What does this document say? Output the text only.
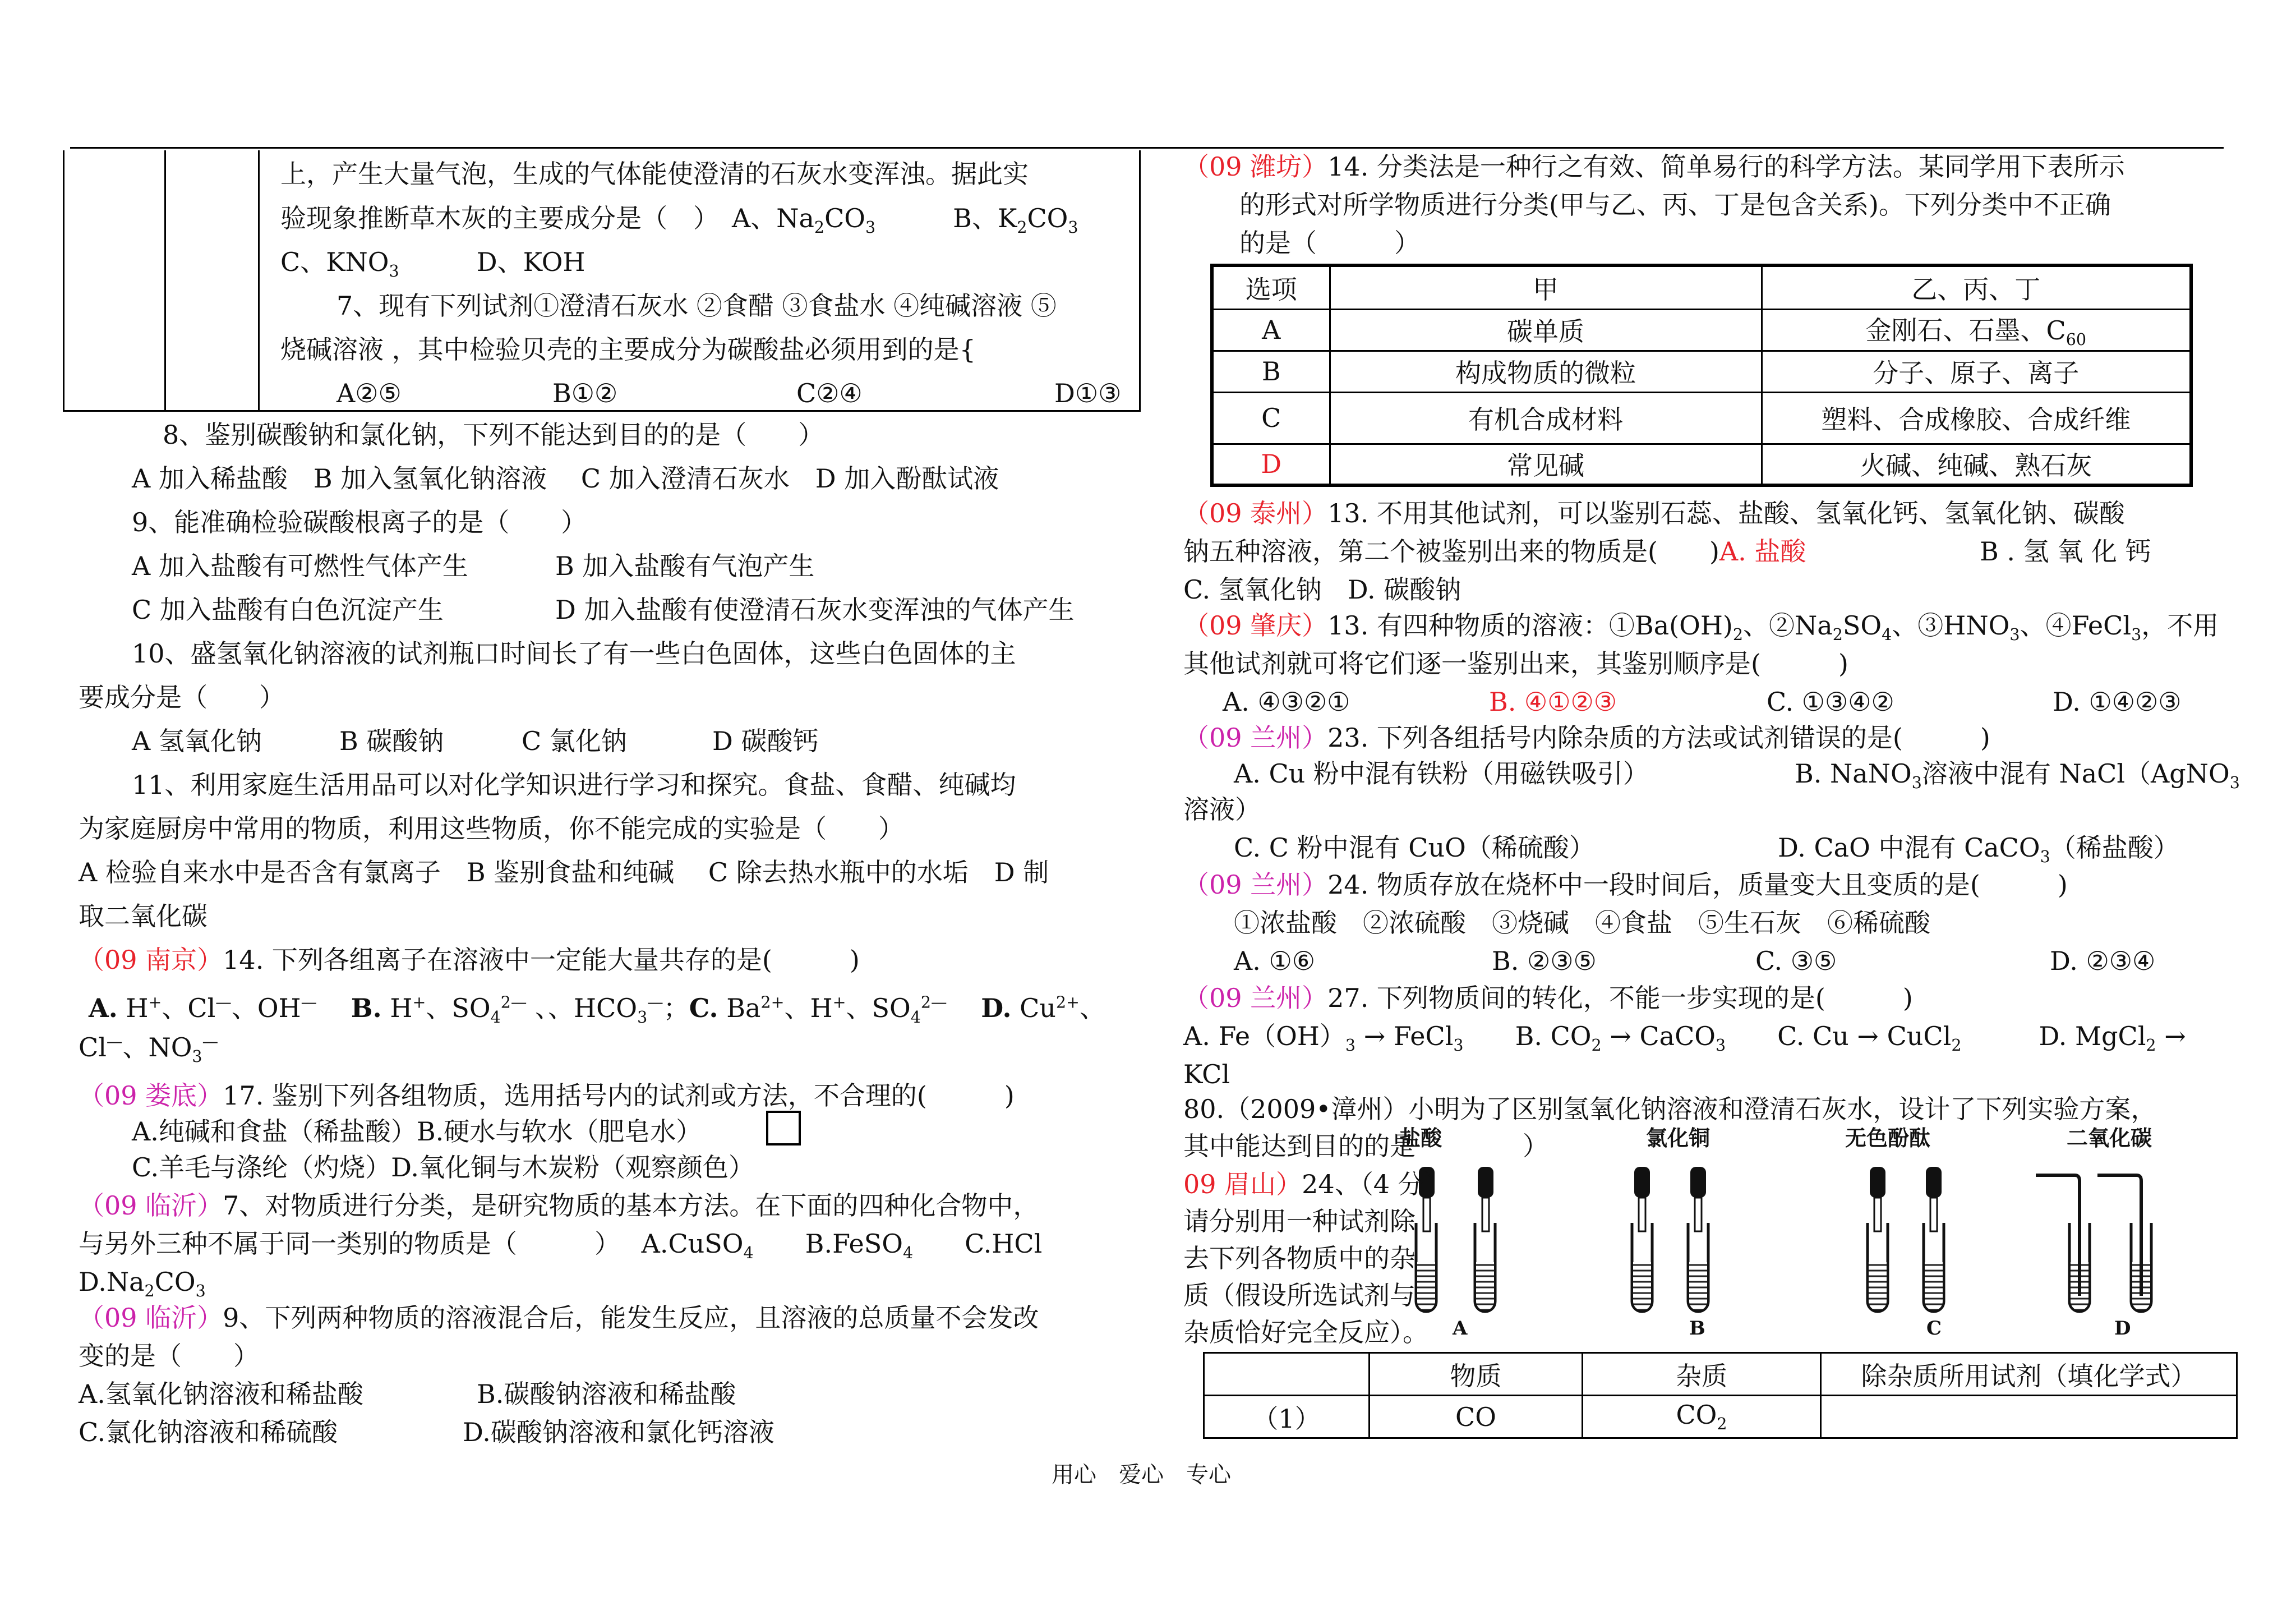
上，产生大量气泡，生成的气体能使澄清的石灰水变浑浊。据此实
验现象推断草木灰的主要成分是（　）　A、$Na_2CO_3$　　　B、$K_2CO_3$
C、$KNO_3$　　　D、KOH
7、现有下列试剂①澄清石灰水 ②食醋 ③食盐水 ④纯碱溶液 ⑤
烧碱溶液 ，其中检验贝壳的主要成分为碳酸盐必须用到的是{
A②⑤	B①②	C②④	D①③
8、鉴别碳酸钠和氯化钠，下列不能达到目的的是（　　）
A 加入稀盐酸　B 加入氢氧化钠溶液　 C 加入澄清石灰水　D 加入酚酞试液
9、能准确检验碳酸根离子的是（　　）
A 加入盐酸有可燃性气体产生	B 加入盐酸有气泡产生
C 加入盐酸有白色沉淀产生	D 加入盐酸有使澄清石灰水变浑浊的气体产生
10、盛氢氧化钠溶液的试剂瓶口时间长了有一些白色固体，这些白色固体的主
要成分是（　　）
A 氢氧化钠	B 碳酸钠	C 氯化钠	D 碳酸钙
11、利用家庭生活用品可以对化学知识进行学习和探究。食盐、食醋、纯碱均
为家庭厨房中常用的物质，利用这些物质，你不能完成的实验是（　　）
A 检验自来水中是否含有氯离子　B 鉴别食盐和纯碱　 C 除去热水瓶中的水垢　D 制
取二氧化碳
（09 南京）14. 下列各组离子在溶液中一定能大量共存的是(　　　)
A. H+、Cl—、OH—　 B. H+、$SO_4^{2—}$ 、、$HCO_3^—$；C. $Ba^{2+}$、H+、$SO_4^{2—}$　 D. $Cu^{2+}$、
Cl—、$NO_3^—$
（09 娄底）17. 鉴别下列各组物质，选用括号内的试剂或方法，不合理的(　　　)
A.纯碱和食盐（稀盐酸）B.硬水与软水（肥皂水）
C.羊毛与涤纶（灼烧）D.氧化铜与木炭粉（观察颜色）
（09 临沂）7、对物质进行分类，是研究物质的基本方法。在下面的四种化合物中，
与另外三种不属于同一类别的物质是（　　　）　 A.CuSO$_4$　　B.FeSO$_4$　　C.HCl
$D.Na_2CO_3$
（09 临沂）9、下列两种物质的溶液混合后，能发生反应，且溶液的总质量不会发改
变的是（　　）
A.氢氧化钠溶液和稀盐酸	B.碳酸钠溶液和稀盐酸
C.氯化钠溶液和稀硫酸	D.碳酸钠溶液和氯化钙溶液
（09 潍坊）14. 分类法是一种行之有效、简单易行的科学方法。某同学用下表所示
的形式对所学物质进行分类(甲与乙、丙、丁是包含关系)。下列分类中不正确
的是（　　　）
选项	甲	乙、丙、丁
A	碳单质	金刚石、石墨、$C_{60}$
B	构成物质的微粒	分子、原子、离子
C	有机合成材料	塑料、合成橡胶、合成纤维
D	常见碱	火碱、纯碱、熟石灰
（09 泰州）13. 不用其他试剂，可以鉴别石蕊、盐酸、氢氧化钙、氢氧化钠、碳酸
钠五种溶液，第二个被鉴别出来的物质是(　　)A. 盐酸	B . 氢 氧 化 钙
C. 氢氧化钠　D. 碳酸钠
（09 肇庆）13. 有四种物质的溶液：$①Ba(OH)_2$、$②Na_2SO_4$、$③HNO_3$、④FeCl$_3$，不用
其他试剂就可将它们逐一鉴别出来，其鉴别顺序是(　　　)
A. ④③②①	B. ④①②③	C. ①③④②	D. ①④②③
（09 兰州）23. 下列各组括号内除杂质的方法或试剂错误的是(　　　)
A. Cu 粉中混有铁粉（用磁铁吸引）	B. NaNO$_3$溶液中混有 NaCl（AgNO$_3$
溶液）
C. C 粉中混有 CuO（稀硫酸）	D. CaO 中混有 CaCO$_3$（稀盐酸）
（09 兰州）24. 物质存放在烧杯中一段时间后，质量变大且变质的是(　　　)
①浓盐酸　②浓硫酸　③烧碱　④食盐　⑤生石灰　⑥稀硫酸
A. ①⑥	B. ②③⑤	C. ③⑤	D. ②③④
（09 兰州）27. 下列物质间的转化，不能一步实现的是(　　　)
A. $Fe(OH)_3$ → FeCl$_3$　　 B. $CO_2$ → CaCO$_3$　　 C. Cu → CuCl$_2$　　　	D. MgCl$_2$ →
KCl
80.（2009•漳州）小明为了区别氢氧化钠溶液和澄清石灰水，设计了下列实验方案，
其中能达到目的的是	）
盐酸	氯化铜	无色酚酞	二氧化碳
A	B	C	D
09 眉山）24、（4 分）
请分别用一种试剂除
去下列各物质中的杂
质（假设所选试剂与
杂质恰好完全反应）。
	物质	杂质	除杂质所用试剂（填化学式）
（1）	CO	$CO_2$	
用心　爱心　专心
